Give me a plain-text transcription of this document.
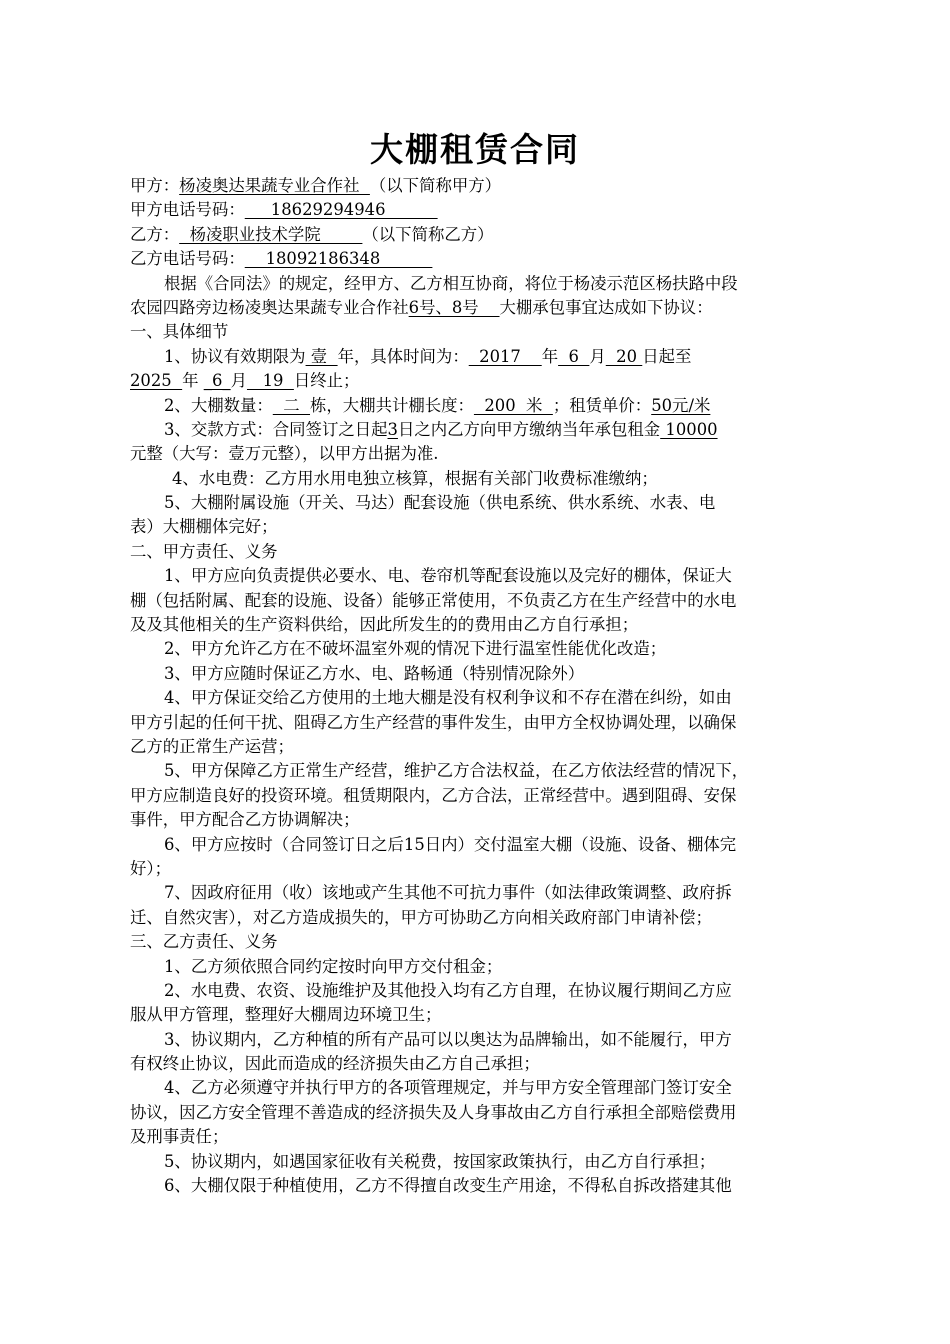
大棚租赁合同
甲方：杨凌奥达果蔬专业合作社  （以下简称甲方）
甲方电话号码：     18629294946
乙方：  杨凌职业技术学院        （以下简称乙方）
乙方电话号码：    18092186348
根据《合同法》的规定，经甲方、乙方相互协商，将位于杨凌示范区杨扶路中段
农园四路旁边杨凌奥达果蔬专业合作社6号、8号    大棚承包事宜达成如下协议：
一、具体细节
1、协议有效期限为 壹  年，具体时间为：  2017    年  6  月  20 日起至
2025  年 _6_月   19  日终止；
2、大棚数量：  二  栋，大棚共计棚长度：  200  米  ；租赁单价：50元/米
3、交款方式：合同签订之日起3日之内乙方向甲方缴纳当年承包租金 10000
元整（大写：壹万元整），以甲方出据为准.
4、水电费：乙方用水用电独立核算，根据有关部门收费标准缴纳；
5、大棚附属设施（开关、马达）配套设施（供电系统、供水系统、水表、电
表）大棚棚体完好；
二、甲方责任、义务
1、甲方应向负责提供必要水、电、卷帘机等配套设施以及完好的棚体，保证大
棚（包括附属、配套的设施、设备）能够正常使用，不负责乙方在生产经营中的水电
及及其他相关的生产资料供给，因此所发生的的费用由乙方自行承担；
2、甲方允许乙方在不破坏温室外观的情况下进行温室性能优化改造；
3、甲方应随时保证乙方水、电、路畅通（特别情况除外）
4、甲方保证交给乙方使用的土地大棚是没有权利争议和不存在潜在纠纷，如由
甲方引起的任何干扰、阻碍乙方生产经营的事件发生，由甲方全权协调处理，以确保
乙方的正常生产运营；
5、甲方保障乙方正常生产经营，维护乙方合法权益，在乙方依法经营的情况下，
甲方应制造良好的投资环境。租赁期限内，乙方合法，正常经营中。遇到阻碍、安保
事件，甲方配合乙方协调解决；
6、甲方应按时（合同签订日之后15日内）交付温室大棚（设施、设备、棚体完
好）；
7、因政府征用（收）该地或产生其他不可抗力事件（如法律政策调整、政府拆
迁、自然灾害），对乙方造成损失的，甲方可协助乙方向相关政府部门申请补偿；
三、乙方责任、义务
1、乙方须依照合同约定按时向甲方交付租金；
2、水电费、农资、设施维护及其他投入均有乙方自理，在协议履行期间乙方应
服从甲方管理，整理好大棚周边环境卫生；
3、协议期内，乙方种植的所有产品可以以奥达为品牌输出，如不能履行，甲方
有权终止协议，因此而造成的经济损失由乙方自己承担；
4、乙方必须遵守并执行甲方的各项管理规定，并与甲方安全管理部门签订安全
协议，因乙方安全管理不善造成的经济损失及人身事故由乙方自行承担全部赔偿费用
及刑事责任；
5、协议期内，如遇国家征收有关税费，按国家政策执行，由乙方自行承担；
6、大棚仅限于种植使用，乙方不得擅自改变生产用途，不得私自拆改搭建其他
